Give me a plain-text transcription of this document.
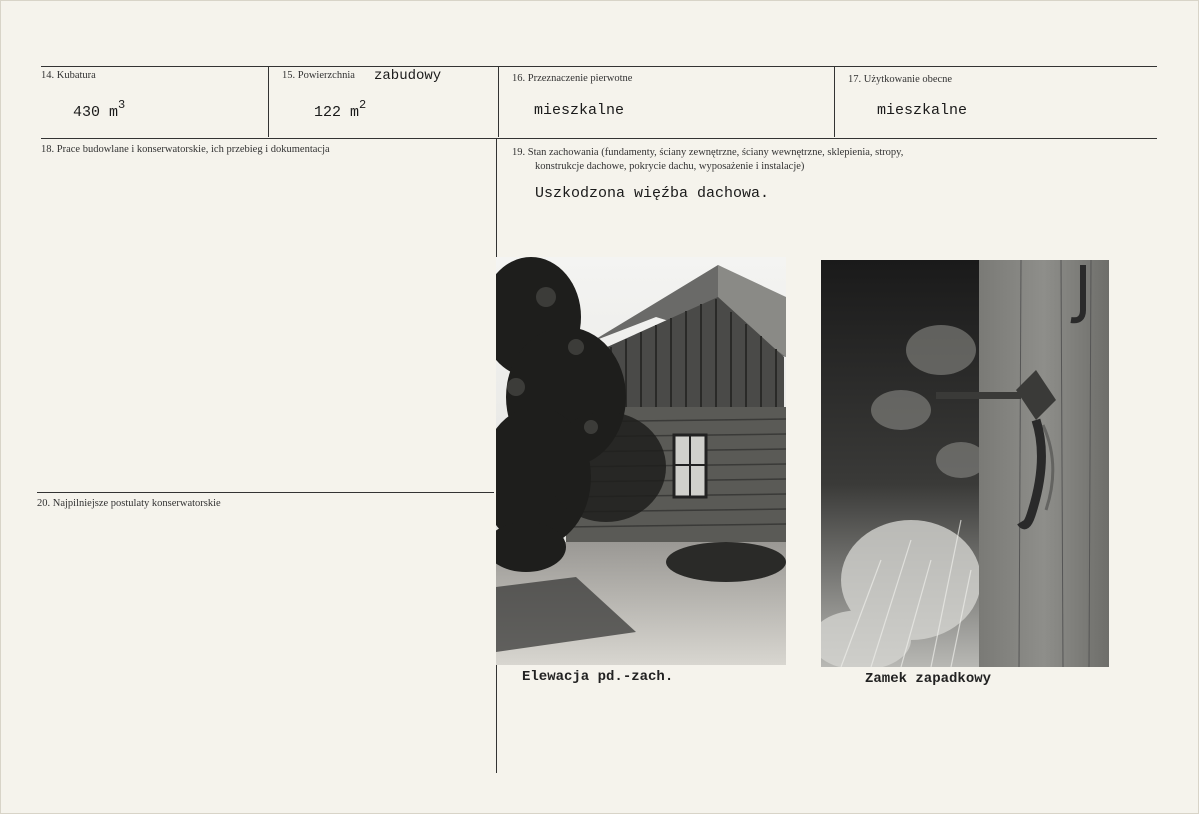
14. Kubatura
430 $m^3$
15. Powierzchnia zabudowy
122 $m^2$
16. Przeznaczenie pierwotne
mieszkalne
17. Użytkowanie obecne
mieszkalne
18. Prace budowlane i konserwatorskie, ich przebieg i dokumentacja	19. Stan zachowania (fundamenty, ściany zewnętrzne, ściany wewnętrzne, sklepienia, stropy,
konstrukcje dachowe, pokrycie dachu, wyposażenie i instalacje)
Uszkodzona więźba dachowa.
20. Najpilniejsze postulaty konserwatorskie
Elewacja pd.-zach.	Zamek zapadkowy
